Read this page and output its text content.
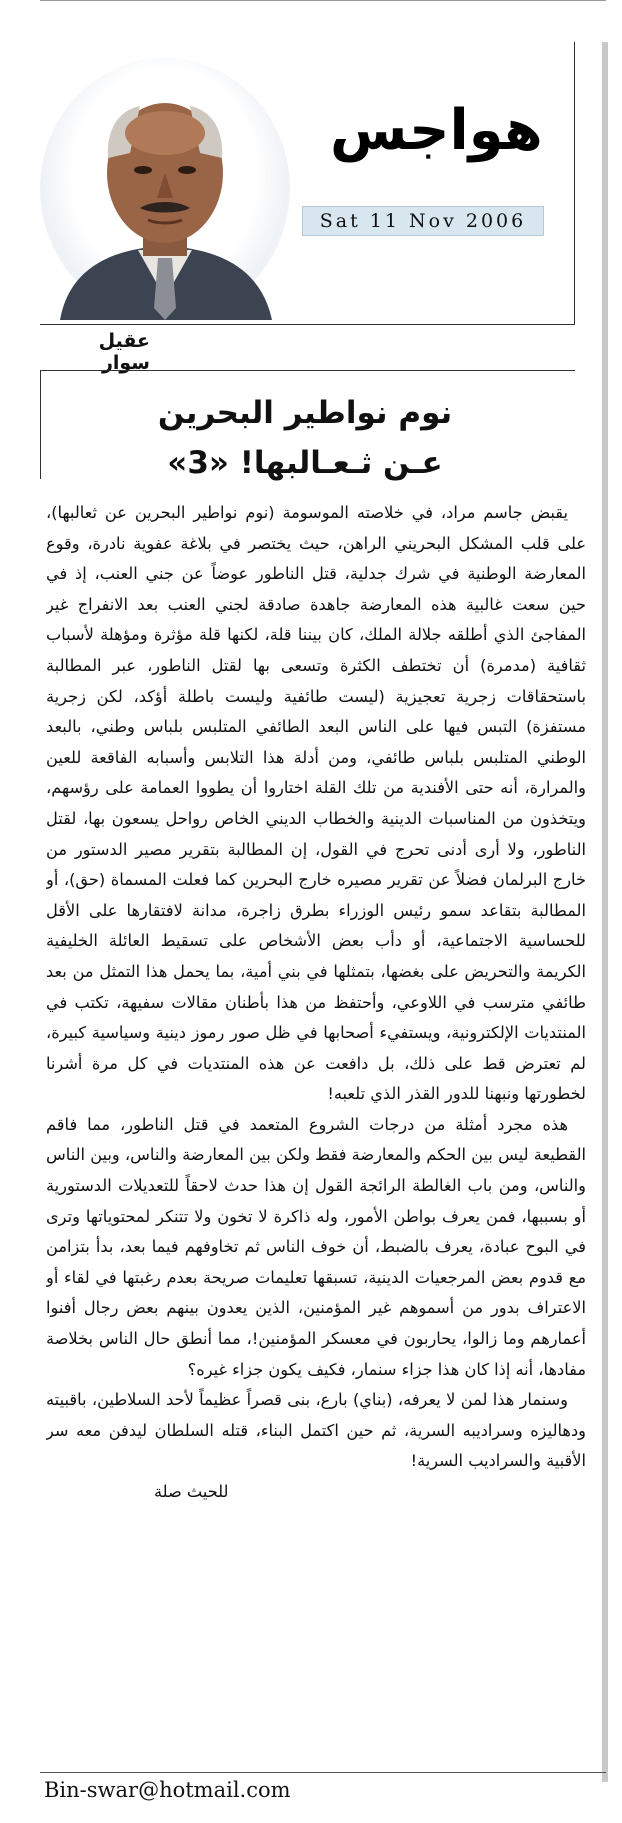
هواجس
Sat 11 Nov 2006
عقيل سوار
نوم نواطير البحرين
عـن ثـعـالبها! «3»

يقبض جاسم مراد، في خلاصته الموسومة (نوم نواطير البحرين عن ثعالبها)، على قلب المشكل البحريني الراهن، حيث يختصر في بلاغة عفوية نادرة، وقوع المعارضة الوطنية في شرك جدلية، قتل الناطور عوضاً عن جني العنب، إذ في حين سعت غالبية هذه المعارضة جاهدة صادقة لجني العنب بعد الانفراج غير المفاجئ الذي أطلقه جلالة الملك، كان بيننا قلة، لكنها قلة مؤثرة ومؤهلة لأسباب ثقافية (مدمرة) أن تختطف الكثرة وتسعى بها لقتل الناطور، عبر المطالبة باستحقاقات زجرية تعجيزية (ليست طائفية وليست باطلة أؤكد، لكن زجرية مستفزة) التبس فيها على الناس البعد الطائفي المتلبس بلباس وطني، بالبعد الوطني المتلبس بلباس طائفي، ومن أدلة هذا التلابس وأسبابه الفاقعة للعين والمرارة، أنه حتى الأفندية من تلك القلة اختاروا أن يطووا العمامة على رؤسهم، ويتخذون من المناسبات الدينية والخطاب الديني الخاص رواحل يسعون بها، لقتل الناطور، ولا أرى أدنى تحرج في القول، إن المطالبة بتقرير مصير الدستور من خارج البرلمان فضلاً عن تقرير مصيره خارج البحرين كما فعلت المسماة (حق)، أو المطالبة بتقاعد سمو رئيس الوزراء بطرق زاجرة، مدانة لافتقارها على الأقل للحساسية الاجتماعية، أو دأب بعض الأشخاص على تسقيط العائلة الخليفية الكريمة والتحريض على بغضها، بتمثلها في بني أمية، بما يحمل هذا التمثل من بعد طائفي مترسب في اللاوعي، وأحتفظ من هذا بأطنان مقالات سفيهة، تكتب في المنتديات الإلكترونية، ويستفيء أصحابها في ظل صور رموز دينية وسياسية كبيرة، لم تعترض قط على ذلك، بل دافعت عن هذه المنتديات في كل مرة أشرنا لخطورتها ونبهنا للدور القذر الذي تلعبه!

هذه مجرد أمثلة من درجات الشروع المتعمد في قتل الناطور، مما فاقم القطيعة ليس بين الحكم والمعارضة فقط ولكن بين المعارضة والناس، وبين الناس والناس، ومن باب الغالطة الرائجة القول إن هذا حدث لاحقاً للتعديلات الدستورية أو بسببها، فمن يعرف بواطن الأمور، وله ذاكرة لا تخون ولا تتنكر لمحتوياتها وترى في البوح عبادة، يعرف بالضبط، أن خوف الناس ثم تخاوفهم فيما بعد، بدأ بتزامن مع قدوم بعض المرجعيات الدينية، تسبقها تعليمات صريحة بعدم رغبتها في لقاء أو الاعتراف بدور من أسموهم غير المؤمنين، الذين يعدون بينهم بعض رجال أفنوا أعمارهم وما زالوا، يحاربون في معسكر المؤمنين!، مما أنطق حال الناس بخلاصة مفادها، أنه إذا كان هذا جزاء سنمار، فكيف يكون جزاء غيره؟

وسنمار هذا لمن لا يعرفه، (بناي) بارع، بنى قصراً عظيماً لأحد السلاطين، باقبيته ودهاليزه وسراديبه السرية، ثم حين اكتمل البناء، قتله السلطان ليدفن معه سر الأقبية والسراديب السرية!

للحيث صلة

Bin-swar@hotmail.com
